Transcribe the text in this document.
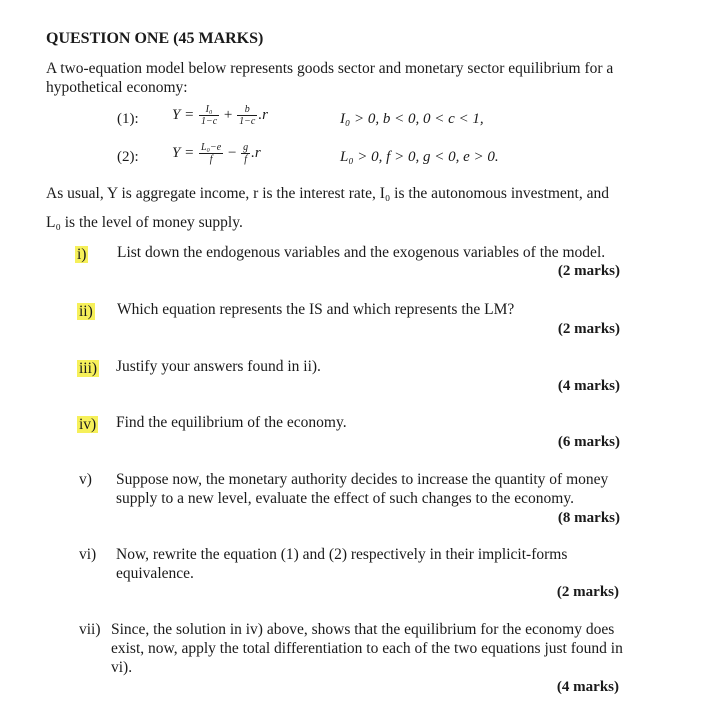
QUESTION ONE (45 MARKS)
A two-equation model below represents goods sector and monetary sector equilibrium for a
hypothetical economy:
(1): $Y = \frac{\text{I₀}}{1-c} + \frac{b}{1-c} .r$	I₀ > 0, b < 0, 0 < c < 1,
(2): $Y = \frac{\text{L₀−e}}{f} - \frac{g}{f} .r$	L₀ > 0, f > 0, g < 0, e > 0.
As usual, Y is aggregate income, r is the interest rate, I₀ is the autonomous investment, and
L₀ is the level of money supply.
i) List down the endogenous variables and the exogenous variables of the model.
(2 marks)
ii) Which equation represents the IS and which represents the LM?
(2 marks)
iii) Justify your answers found in ii).
(4 marks)
iv) Find the equilibrium of the economy.
(6 marks)
v) Suppose now, the monetary authority decides to increase the quantity of money
supply to a new level, evaluate the effect of such changes to the economy.
(8 marks)
vi) Now, rewrite the equation (1) and (2) respectively in their implicit-forms
equivalence.
(2 marks)
vii) Since, the solution in iv) above, shows that the equilibrium for the economy does
exist, now, apply the total differentiation to each of the two equations just found in
vi).
(4 marks)
